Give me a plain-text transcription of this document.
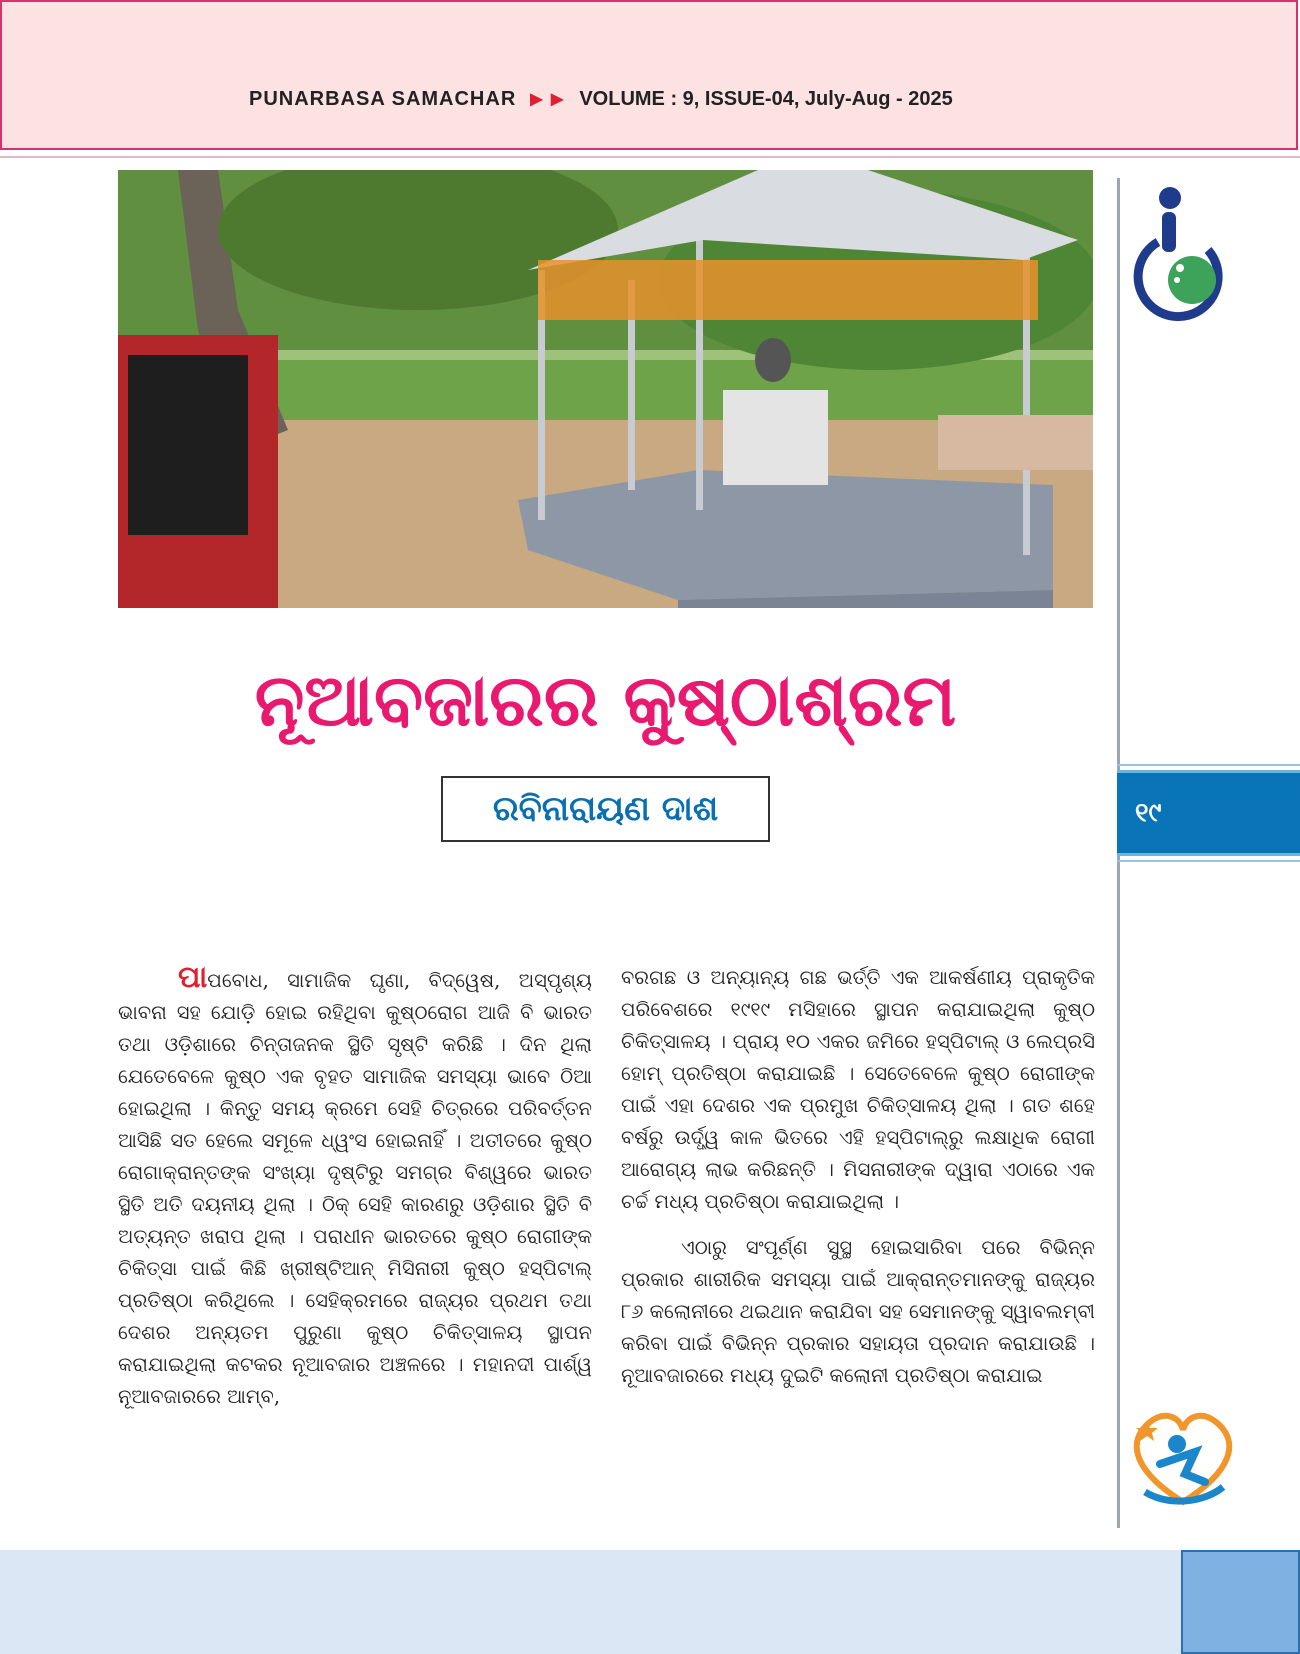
PUNARBASA SAMACHAR ▶ ▶ VOLUME : 9, ISSUE-04, July-Aug - 2025
୧୯
ନୂଆବଜାରର କୁଷ୍ଠାଶ୍ରମ
ରବିନାରାୟଣ ଦାଶ

ପାପବୋଧ, ସାମାଜିକ ଘୃଣା, ବିଦ୍ୱେଷ, ଅସ୍ପୃଶ୍ୟ ଭାବନା ସହ ଯୋଡ଼ି ହୋଇ ରହିଥିବା କୁଷ୍ଠରୋଗ ଆଜି ବି ଭାରତ ତଥା ଓଡ଼ିଶାରେ ଚିନ୍ତାଜନକ ସ୍ଥିତି ସୃଷ୍ଟି କରିଛି । ଦିନ ଥିଲା ଯେତେବେଳେ କୁଷ୍ଠ ଏକ ବୃହତ ସାମାଜିକ ସମସ୍ୟା ଭାବେ ଠିଆ ହୋଇଥିଲା । କିନ୍ତୁ ସମୟ କ୍ରମେ ସେହି ଚିତ୍ରରେ ପରିବର୍ତ୍ତନ ଆସିଛି ସତ ହେଲେ ସମୂଳେ ଧ୍ୱଂସ ହୋଇନାହିଁ । ଅତୀତରେ କୁଷ୍ଠ ରୋଗାକ୍ରାନ୍ତଙ୍କ ସଂଖ୍ୟା ଦୃଷ୍ଟିରୁ ସମଗ୍ର ବିଶ୍ୱରେ ଭାରତ ସ୍ଥିତି ଅତି ଦୟନୀୟ ଥିଲା । ଠିକ୍ ସେହି କାରଣରୁ ଓଡ଼ିଶାର ସ୍ଥିତି ବି ଅତ୍ୟନ୍ତ ଖରାପ ଥିଲା । ପରାଧୀନ ଭାରତରେ କୁଷ୍ଠ ରୋଗୀଙ୍କ ଚିକିତ୍ସା ପାଇଁ କିଛି ଖ୍ରୀଷ୍ଟିଆନ୍ ମିସିନାରୀ କୁଷ୍ଠ ହସ୍ପିଟାଲ୍ ପ୍ରତିଷ୍ଠା କରିଥିଲେ । ସେହିକ୍ରମରେ ରାଜ୍ୟର ପ୍ରଥମ ତଥା ଦେଶର ଅନ୍ୟତମ ପୁରୁଣା କୁଷ୍ଠ ଚିକିତ୍ସାଳୟ ସ୍ଥାପନ କରାଯାଇଥିଲା କଟକର ନୂଆବଜାର ଅଞ୍ଚଳରେ । ମହାନଦୀ ପାର୍ଶ୍ୱ ନୂଆବଜାରରେ ଆମ୍ବ,

ବରଗଛ ଓ ଅନ୍ୟାନ୍ୟ ଗଛ ଭର୍ତ୍ତି ଏକ ଆକର୍ଷଣୀୟ ପ୍ରାକୃତିକ ପରିବେଶରେ ୧୯୧୯ ମସିହାରେ ସ୍ଥାପନ କରାଯାଇଥିଲା କୁଷ୍ଠ ଚିକିତ୍ସାଳୟ । ପ୍ରାୟ ୧୦ ଏକର ଜମିରେ ହସ୍ପିଟାଲ୍ ଓ ଲେପ୍ରସି ହୋମ୍ ପ୍ରତିଷ୍ଠା କରାଯାଇଛି । ସେତେବେଳେ କୁଷ୍ଠ ରୋଗୀଙ୍କ ପାଇଁ ଏହା ଦେଶର ଏକ ପ୍ରମୁଖ ଚିକିତ୍ସାଳୟ ଥିଲା । ଗତ ଶହେ ବର୍ଷରୁ ଉର୍ଦ୍ଧ୍ୱ କାଳ ଭିତରେ ଏହି ହସ୍ପିଟାଲ୍‌ରୁ ଲକ୍ଷାଧିକ ରୋଗୀ ଆରୋଗ୍ୟ ଲାଭ କରିଛନ୍ତି । ମିସନାରୀଙ୍କ ଦ୍ୱାରା ଏଠାରେ ଏକ ଚର୍ଚ୍ଚ ମଧ୍ୟ ପ୍ରତିଷ୍ଠା କରାଯାଇଥିଲା ।

ଏଠାରୁ ସଂପୂର୍ଣ୍ଣ ସୁସ୍ଥ ହୋଇସାରିବା ପରେ ବିଭିନ୍ନ ପ୍ରକାର ଶାରୀରିକ ସମସ୍ୟା ପାଇଁ ଆକ୍ରାନ୍ତମାନଙ୍କୁ ରାଜ୍ୟର ୮୬ କଲୋନୀରେ ଥଇଥାନ କରାଯିବା ସହ ସେମାନଙ୍କୁ ସ୍ୱାବଲମ୍ବୀ କରିବା ପାଇଁ ବିଭିନ୍ନ ପ୍ରକାର ସହାୟତା ପ୍ରଦାନ କରାଯାଉଛି । ନୂଆବଜାରରେ ମଧ୍ୟ ଦୁଇଟି କଲୋନୀ ପ୍ରତିଷ୍ଠା କରାଯାଇ
